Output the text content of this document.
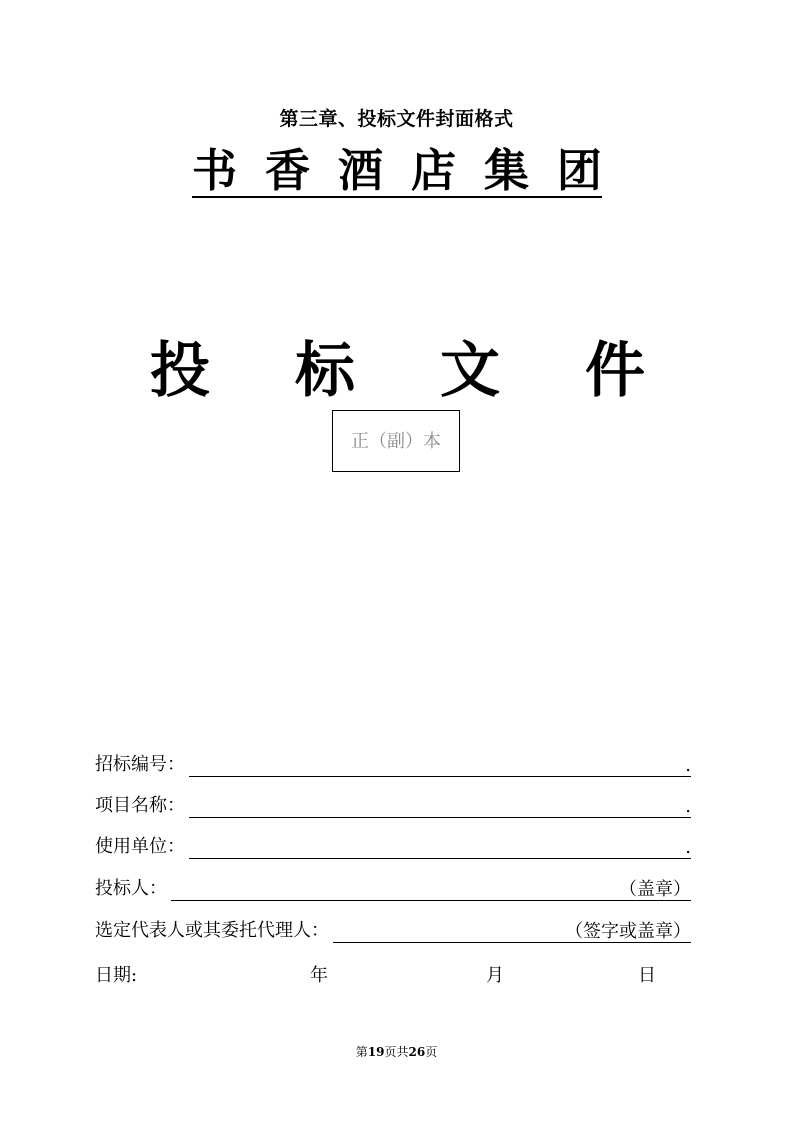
第三章、投标文件封面格式
书 香 酒 店 集 团
投 标 文 件
正（副）本
招标编号：	.
项目名称：	.
使用单位：	.
投标人：	（盖章）
选定代表人或其委托代理人：	（签字或盖章）
日期:	年	月	日
第19页共26页
